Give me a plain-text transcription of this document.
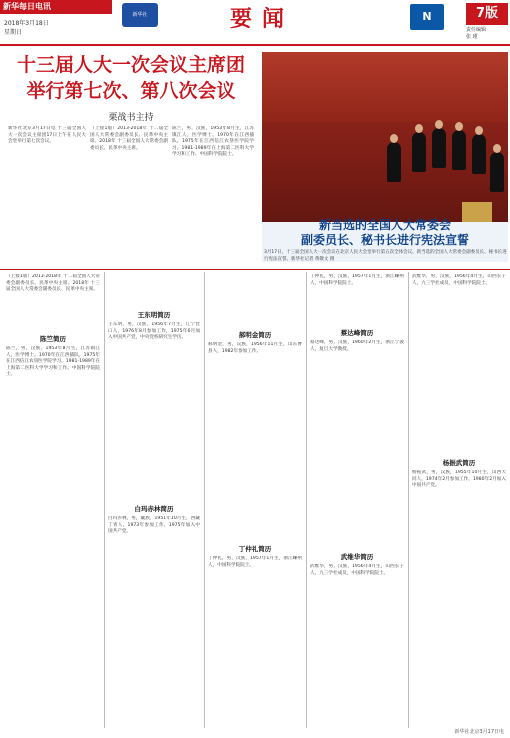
新华每日电讯
2018年3月18日
星期日
新华社	要闻	N	7版
责任编辑
张 瑾
十三届人大一次会议主席团
举行第七次、第八次会议
栗战书主持
新当选的全国人大常委会
副委员长、秘书长进行宪法宣誓
3月17日，十三届全国人大一次会议在北京人民大会堂举行第五次全体会议。新当选的全国人大常委会副委员长、秘书长进行宪法宣誓。新华社记者 黄敬文 摄
新华社北京3月17日电 十三届全国人大一次会议主席团17日上午在人民大会堂举行第七次会议。
（上接1版）2013-2018年 十二届全国人大常委会副委员长、民革中央主席。2018年 十三届全国人大常委会副委员长、民革中央主席。
陈竺，男，汉族，1953年8月生，江苏镇江人，医学博士。1970年在江西插队，1975年在江西信江农垦医学院学习。1981-1989年在上海第二医科大学学习和工作。中国科学院院士。
（上接1版）2013-2018年 十二届全国人大常委会副委员长、民革中央主席。2018年 十三届全国人大常委会副委员长、民革中央主席。
陈竺简历
陈竺，男，汉族，1953年8月生，江苏镇江人，医学博士。1970年在江西插队，1975年在江西信江农垦医学院学习。1981-1989年在上海第二医科大学学习和工作。中国科学院院士。
王东明简历
王东明，男，汉族，1956年7月生，辽宁营口人，1976年8月参加工作，1975年6月加入中国共产党，中央党校研究生学历。
白玛赤林简历
白玛赤林，男，藏族，1951年10月生，西藏丁青人，1973年参加工作，1975年加入中国共产党。
郝明金简历
郝明金，男，汉族，1956年11月生，山东曹县人，1982年参加工作。
丁仲礼简历
丁仲礼，男，汉族，1957年1月生，浙江嵊州人，中国科学院院士。
丁仲礼，男，汉族，1957年1月生，浙江嵊州人，中国科学院院士。
蔡达峰简历
蔡达峰，男，汉族，1960年2月生，浙江宁波人，复旦大学教授。
武维华简历
武维华，男，汉族，1956年4月生，山西长子人，九三学社成员，中国科学院院士。
武维华，男，汉族，1956年4月生，山西长子人，九三学社成员，中国科学院院士。
杨振武简历
杨振武，男，汉族，1955年10月生，山西大同人，1974年2月参加工作，1980年2月加入中国共产党。
新华社北京3月17日电
